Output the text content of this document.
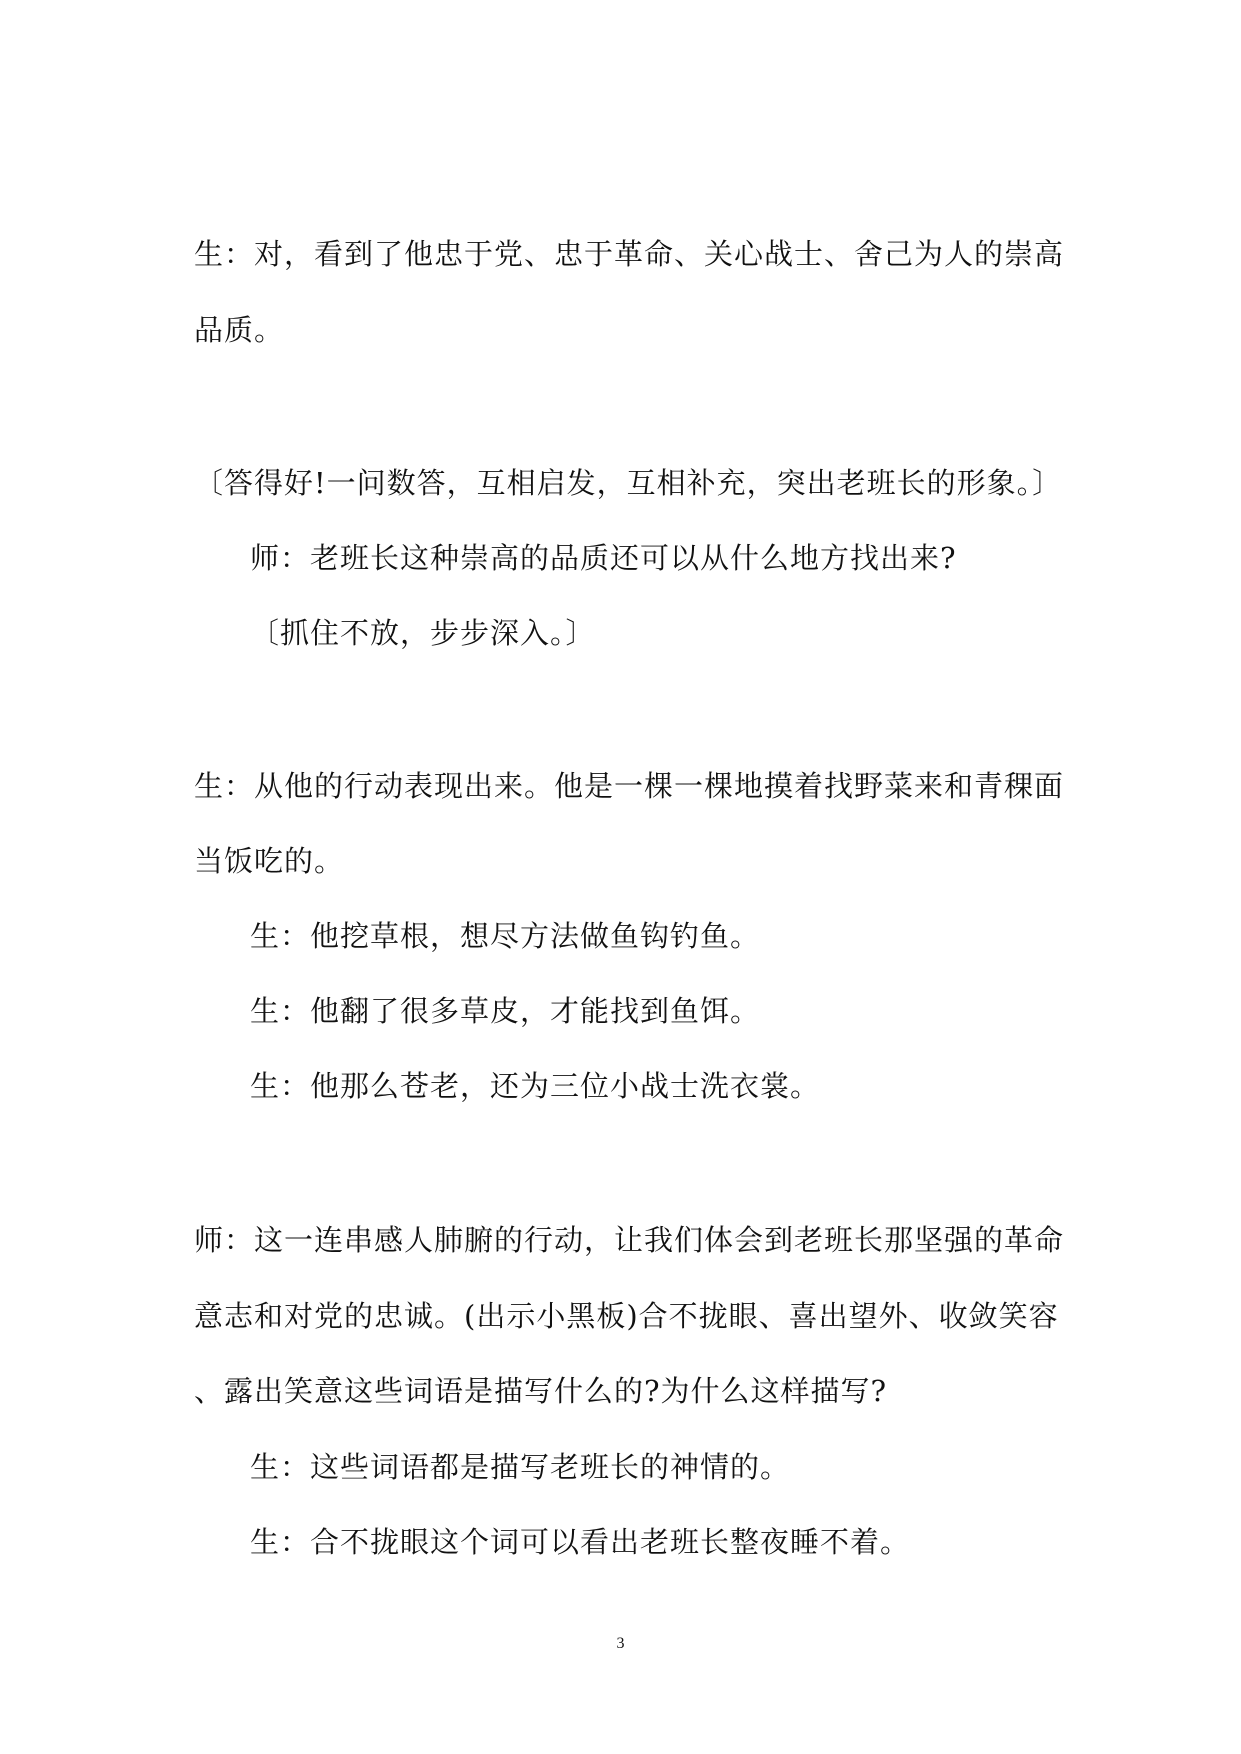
生：对，看到了他忠于党、忠于革命、关心战士、舍己为人的崇高
品质。
〔答得好!一问数答，互相启发，互相补充，突出老班长的形象。〕
师：老班长这种崇高的品质还可以从什么地方找出来?
〔抓住不放，步步深入。〕
生：从他的行动表现出来。他是一棵一棵地摸着找野菜来和青稞面
当饭吃的。
生：他挖草根，想尽方法做鱼钩钓鱼。
生：他翻了很多草皮，才能找到鱼饵。
生：他那么苍老，还为三位小战士洗衣裳。
师：这一连串感人肺腑的行动，让我们体会到老班长那坚强的革命
意志和对党的忠诚。(出示小黑板)合不拢眼、喜出望外、收敛笑容
、露出笑意这些词语是描写什么的?为什么这样描写?
生：这些词语都是描写老班长的神情的。
生：合不拢眼这个词可以看出老班长整夜睡不着。
3
